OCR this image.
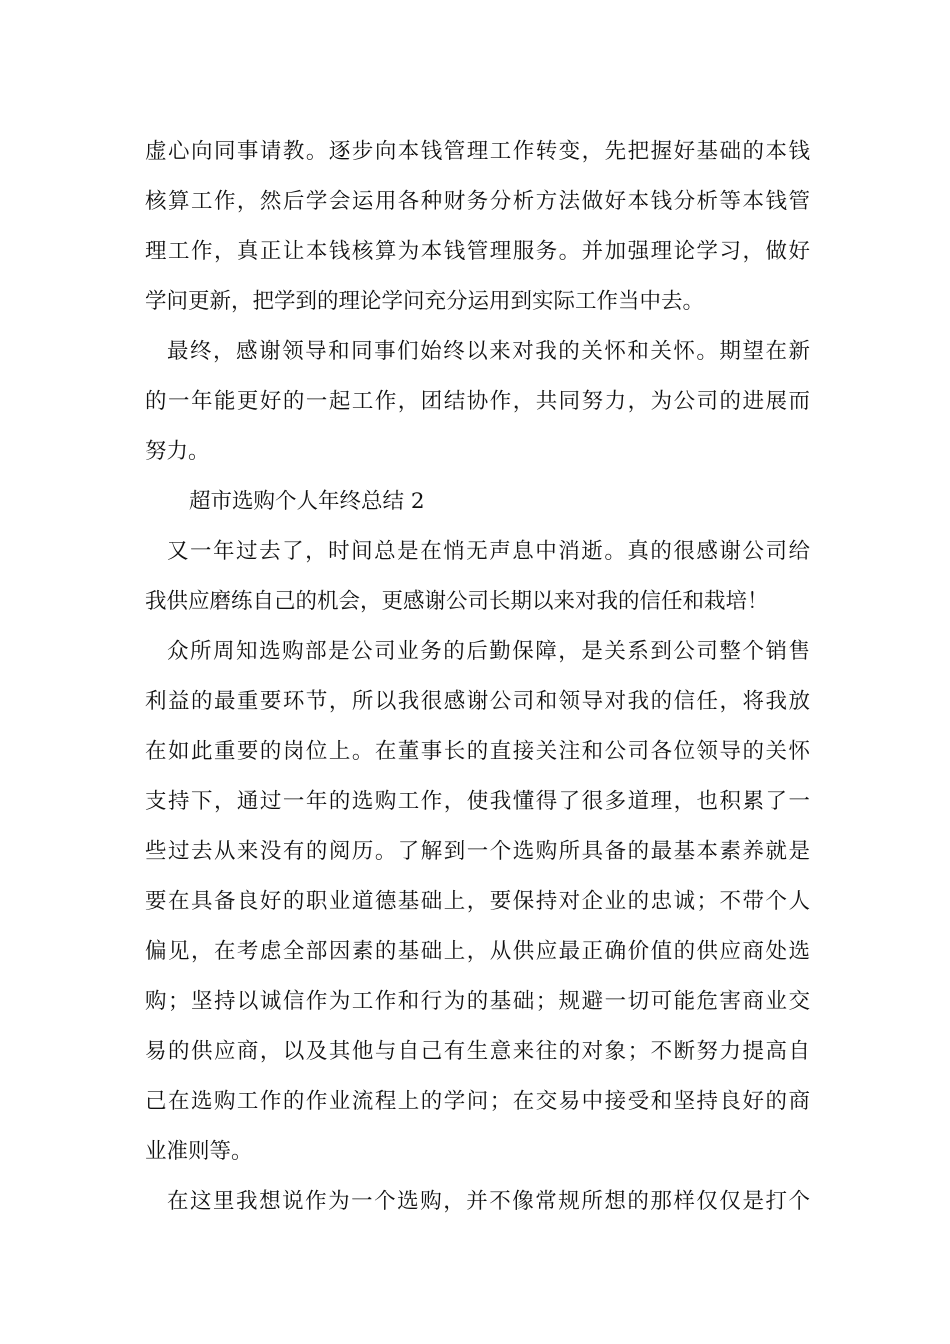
虚心向同事请教。逐步向本钱管理工作转变，先把握好基础的本钱
核算工作，然后学会运用各种财务分析方法做好本钱分析等本钱管
理工作，真正让本钱核算为本钱管理服务。并加强理论学习，做好
学问更新，把学到的理论学问充分运用到实际工作当中去。
最终，感谢领导和同事们始终以来对我的关怀和关怀。期望在新
的一年能更好的一起工作，团结协作，共同努力，为公司的进展而
努力。
超市选购个人年终总结 2
又一年过去了，时间总是在悄无声息中消逝。真的很感谢公司给
我供应磨练自己的机会，更感谢公司长期以来对我的信任和栽培！
众所周知选购部是公司业务的后勤保障，是关系到公司整个销售
利益的最重要环节，所以我很感谢公司和领导对我的信任，将我放
在如此重要的岗位上。在董事长的直接关注和公司各位领导的关怀
支持下，通过一年的选购工作，使我懂得了很多道理，也积累了一
些过去从来没有的阅历。了解到一个选购所具备的最基本素养就是
要在具备良好的职业道德基础上，要保持对企业的忠诚；不带个人
偏见，在考虑全部因素的基础上，从供应最正确价值的供应商处选
购；坚持以诚信作为工作和行为的基础；规避一切可能危害商业交
易的供应商，以及其他与自己有生意来往的对象；不断努力提高自
己在选购工作的作业流程上的学问；在交易中接受和坚持良好的商
业准则等。
在这里我想说作为一个选购，并不像常规所想的那样仅仅是打个
